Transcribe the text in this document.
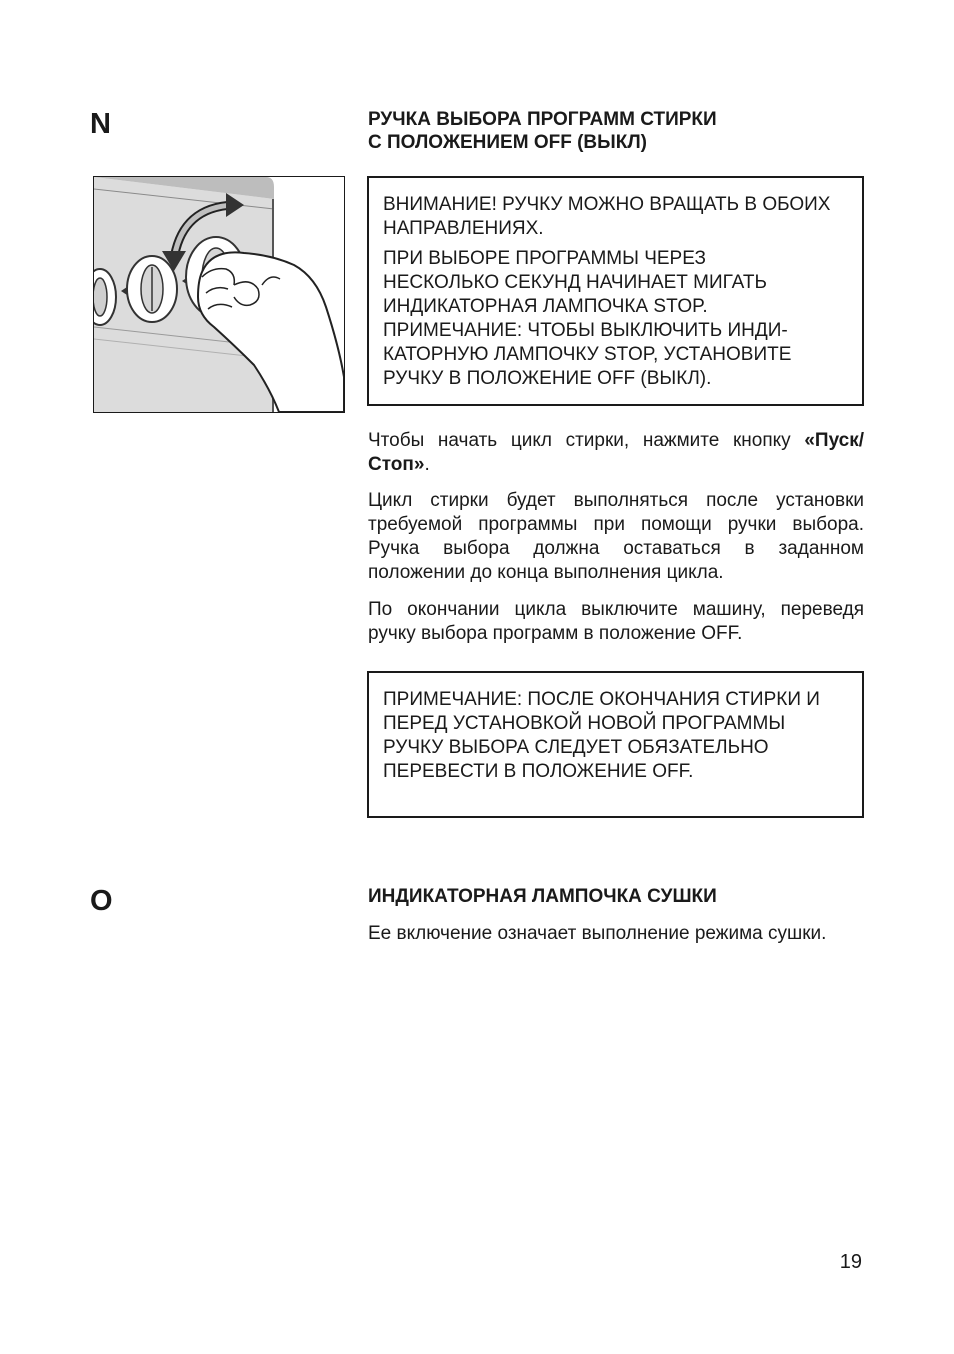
N	РУЧКА ВЫБОРА ПРОГРАММ СТИРКИ
С ПОЛОЖЕНИЕМ OFF (ВЫКЛ)

ВНИМАНИЕ! РУЧКУ МОЖНО ВРАЩАТЬ В ОБОИХ НАПРАВЛЕНИЯХ.

ПРИ ВЫБОРЕ ПРОГРАММЫ ЧЕРЕЗ
НЕСКОЛЬКО СЕКУНД НАЧИНАЕТ МИГАТЬ
ИНДИКАТОРНАЯ ЛАМПОЧКА STOP.
ПРИМЕЧАНИЕ: ЧТОБЫ ВЫКЛЮЧИТЬ ИНДИ-
КАТОРНУЮ ЛАМПОЧКУ STOP, УСТАНОВИТЕ
РУЧКУ В ПОЛОЖЕНИЕ OFF (ВЫКЛ).

Чтобы начать цикл стирки, нажмите кнопку «Пуск/Стоп».
Цикл стирки будет выполняться после установки требуемой программы при помощи ручки выбора. Ручка выбора должна оставаться в заданном положении до конца выполнения цикла.
По окончании цикла выключите машину, переведя ручку выбора программ в положение OFF.

ПРИМЕЧАНИЕ: ПОСЛЕ ОКОНЧАНИЯ СТИРКИ И ПЕРЕД УСТАНОВКОЙ НОВОЙ ПРОГРАММЫ РУЧКУ ВЫБОРА СЛЕДУЕТ ОБЯЗАТЕЛЬНО ПЕРЕВЕСТИ В ПОЛОЖЕНИЕ OFF.

O	ИНДИКАТОРНАЯ ЛАМПОЧКА СУШКИ
Ее включение означает выполнение режима сушки.
19
